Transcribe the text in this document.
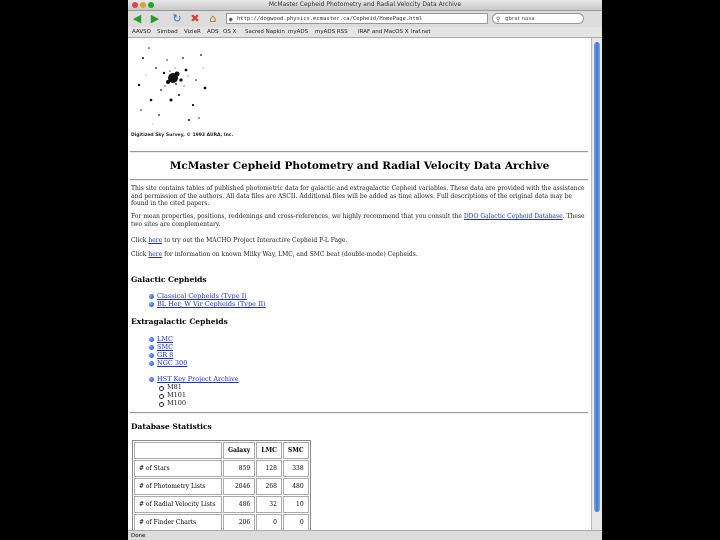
McMaster Cepheid Photometry and Radial Velocity Data Archive
◀ ▶ ↻ ✖ ⌂	◉ http://dogwood.physics.mcmaster.ca/Cepheid/HomePage.html	⚲ gbrat nasa
AAVSO Simbad VizieR ADS OS X Sacred Napkin myADS myADS RSS IRAF and MacOS X Iraf.net
Digitized Sky Survey, © 1993 AURA, Inc.
McMaster Cepheid Photometry and Radial Velocity Data Archive
This site contains tables of published photometric data for galactic and extragalactic Cepheid variables. These data are provided with the assistance and permission of the authors. All data files are ASCII. Additional files will be added as time allows. Full descriptions of the original data may be found in the cited papers.
For mean properties, positions, reddenings and cross-references, we highly recommend that you consult the DDO Galactic Cepheid Database. These two sites are complementary.
Click here to try out the MACHO Project Interactive Cepheid P-L Page.
Click here for information on known Milky Way, LMC, and SMC beat (double-mode) Cepheids.
Galactic Cepheids
Classical Cepheids (Type I)
BL Her, W Vir Cepheids (Type II)
Extragalactic Cepheids
LMC
SMC
GR 8
NGC 300
HST Key Project Archive
M81
M101
M100
Database Statistics
	Galaxy	LMC	SMC
# of Stars	859	128	338
# of Photometry Lists	2046	268	480
# of Radial Velocity Lists	486	32	10
# of Finder Charts	206	0	0
Done
